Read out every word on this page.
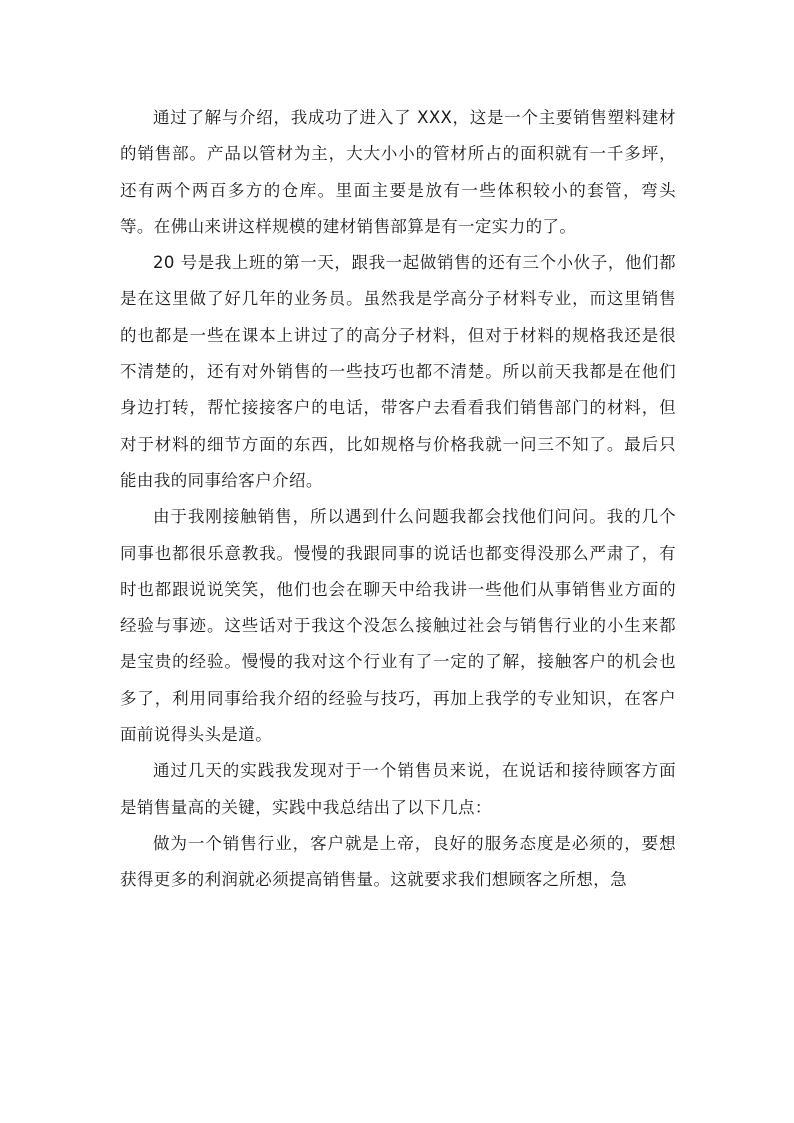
通过了解与介绍，我成功了进入了 XXX，这是一个主要销售塑料建材的销售部。产品以管材为主，大大小小的管材所占的面积就有一千多坪，还有两个两百多方的仓库。里面主要是放有一些体积较小的套管，弯头等。在佛山来讲这样规模的建材销售部算是有一定实力的了。

20 号是我上班的第一天，跟我一起做销售的还有三个小伙子，他们都是在这里做了好几年的业务员。虽然我是学高分子材料专业，而这里销售的也都是一些在课本上讲过了的高分子材料，但对于材料的规格我还是很不清楚的，还有对外销售的一些技巧也都不清楚。所以前天我都是在他们身边打转，帮忙接接客户的电话，带客户去看看我们销售部门的材料，但对于材料的细节方面的东西，比如规格与价格我就一问三不知了。最后只能由我的同事给客户介绍。

由于我刚接触销售，所以遇到什么问题我都会找他们问问。我的几个同事也都很乐意教我。慢慢的我跟同事的说话也都变得没那么严肃了，有时也都跟说说笑笑，他们也会在聊天中给我讲一些他们从事销售业方面的经验与事迹。这些话对于我这个没怎么接触过社会与销售行业的小生来都是宝贵的经验。慢慢的我对这个行业有了一定的了解，接触客户的机会也多了，利用同事给我介绍的经验与技巧，再加上我学的专业知识，在客户面前说得头头是道。

通过几天的实践我发现对于一个销售员来说，在说话和接待顾客方面是销售量高的关键，实践中我总结出了以下几点：

做为一个销售行业，客户就是上帝，良好的服务态度是必须的，要想获得更多的利润就必须提高销售量。这就要求我们想顾客之所想，急
